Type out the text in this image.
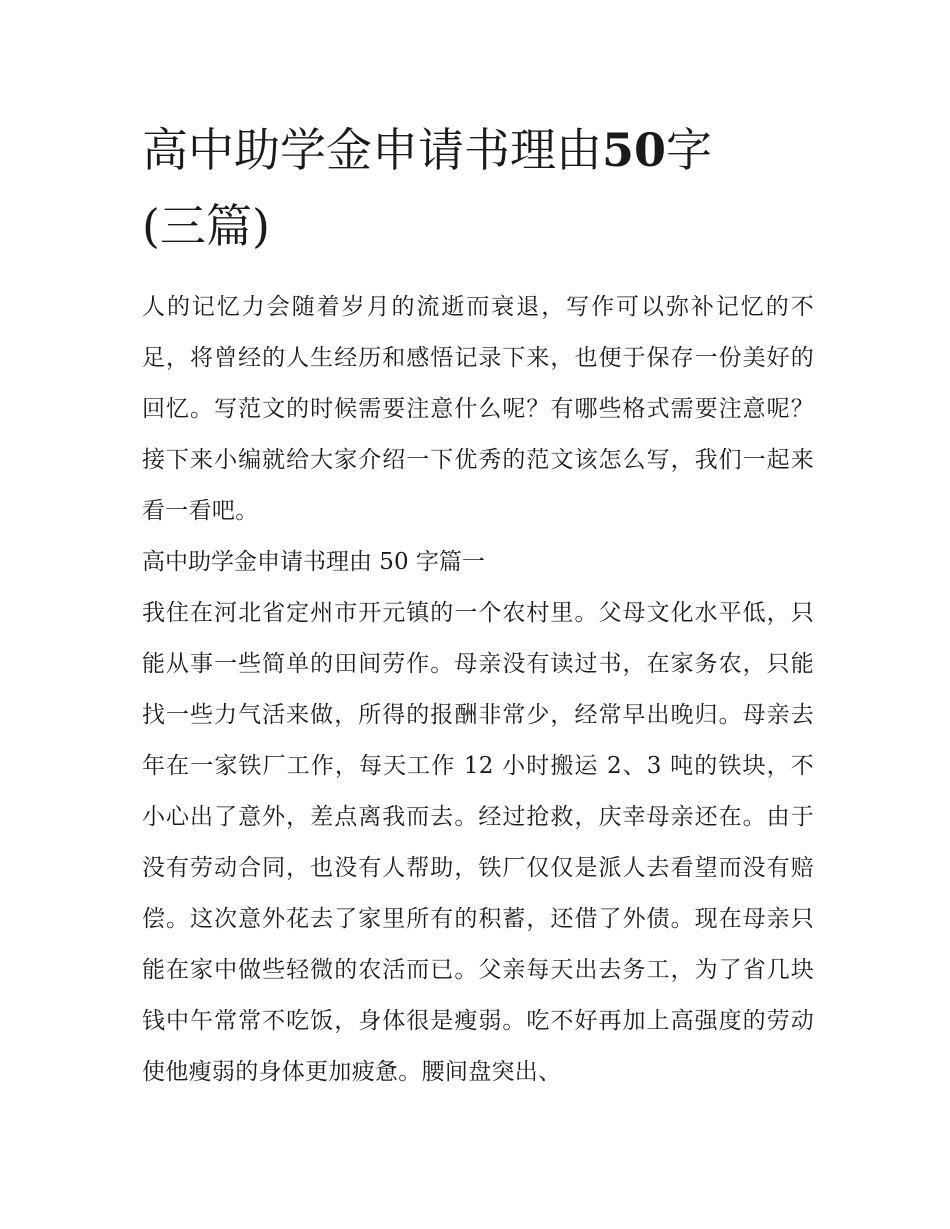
高中助学金申请书理由50字
(三篇)

人的记忆力会随着岁月的流逝而衰退，写作可以弥补记忆的不足，将曾经的人生经历和感悟记录下来，也便于保存一份美好的回忆。写范文的时候需要注意什么呢？有哪些格式需要注意呢？接下来小编就给大家介绍一下优秀的范文该怎么写，我们一起来看一看吧。

高中助学金申请书理由 50 字篇一

我住在河北省定州市开元镇的一个农村里。父母文化水平低，只能从事一些简单的田间劳作。母亲没有读过书，在家务农，只能找一些力气活来做，所得的报酬非常少，经常早出晚归。母亲去年在一家铁厂工作，每天工作 12 小时搬运 2、3 吨的铁块，不小心出了意外，差点离我而去。经过抢救，庆幸母亲还在。由于没有劳动合同，也没有人帮助，铁厂仅仅是派人去看望而没有赔偿。这次意外花去了家里所有的积蓄，还借了外债。现在母亲只能在家中做些轻微的农活而已。父亲每天出去务工，为了省几块钱中午常常不吃饭，身体很是瘦弱。吃不好再加上高强度的劳动使他瘦弱的身体更加疲惫。腰间盘突出、
